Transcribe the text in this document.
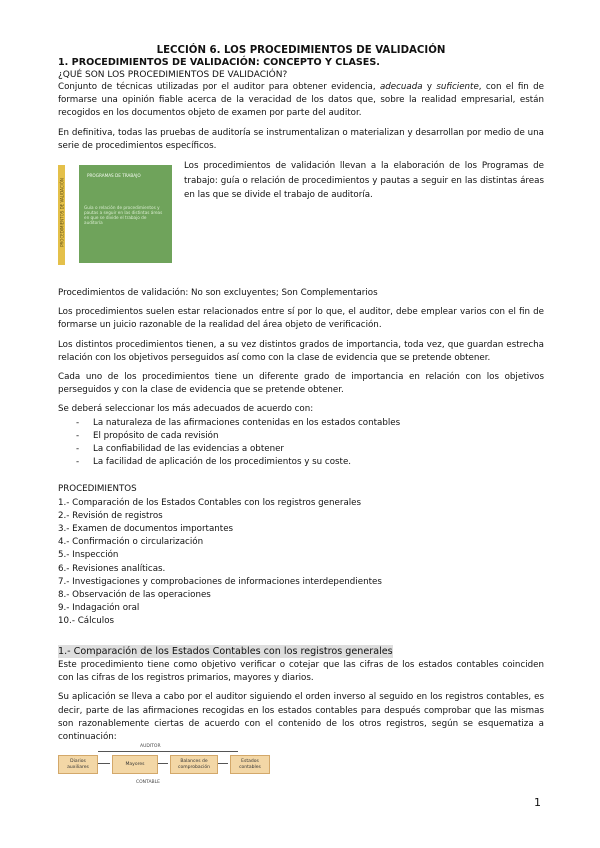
LECCIÓN 6. LOS PROCEDIMIENTOS DE VALIDACIÓN

1. PROCEDIMIENTOS DE VALIDACIÓN: CONCEPTO Y CLASES.

¿QUÉ SON LOS PROCEDIMIENTOS DE VALIDACIÓN?

Conjunto de técnicas utilizadas por el auditor para obtener evidencia, adecuada y suficiente, con el fin de formarse una opinión fiable acerca de la veracidad de los datos que, sobre la realidad empresarial, están recogidos en los documentos objeto de examen por parte del auditor.

En definitiva, todas las pruebas de auditoría se instrumentalizan o materializan y desarrollan por medio de una serie de procedimientos específicos.

PROCEDIMIENTOS DE VALIDACIÓN
PROGRAMAS DE TRABAJO
Guía o relación de procedimientos y pautas a seguir en las distintas áreas en que se divide el trabajo de auditoría
Los procedimientos de validación llevan a la elaboración de los Programas de trabajo: guía o relación de procedimientos y pautas a seguir en las distintas áreas en las que se divide el trabajo de auditoría.

Procedimientos de validación: No son excluyentes; Son Complementarios

Los procedimientos suelen estar relacionados entre sí por lo que, el auditor, debe emplear varios con el fin de formarse un juicio razonable de la realidad del área objeto de verificación.

Los distintos procedimientos tienen, a su vez distintos grados de importancia, toda vez, que guardan estrecha relación con los objetivos perseguidos así como con la clase de evidencia que se pretende obtener.

Cada uno de los procedimientos tiene un diferente grado de importancia en relación con los objetivos perseguidos y con la clase de evidencia que se pretende obtener.

Se deberá seleccionar los más adecuados de acuerdo con:

- La naturaleza de las afirmaciones contenidas en los estados contables
- El propósito de cada revisión
- La confiabilidad de las evidencias a obtener
- La facilidad de aplicación de los procedimientos y su coste.
PROCEDIMIENTOS
1.- Comparación de los Estados Contables con los registros generales
2.- Revisión de registros
3.- Examen de documentos importantes
4.- Confirmación o circularización
5.- Inspección
6.- Revisiones analíticas.
7.- Investigaciones y comprobaciones de informaciones interdependientes
8.- Observación de las operaciones
9.- Indagación oral
10.- Cálculos
1.- Comparación de los Estados Contables con los registros generales

Este procedimiento tiene como objetivo verificar o cotejar que las cifras de los estados contables coinciden con las cifras de los registros primarios, mayores y diarios.

Su aplicación se lleva a cabo por el auditor siguiendo el orden inverso al seguido en los registros contables, es decir, parte de las afirmaciones recogidas en los estados contables para después comprobar que las mismas son razonablemente ciertas de acuerdo con el contenido de los otros registros, según se esquematiza a continuación:

AUDITOR
Diarios auxiliares
Mayores
Balances de comprobación
Estados contables
CONTABLE
1
